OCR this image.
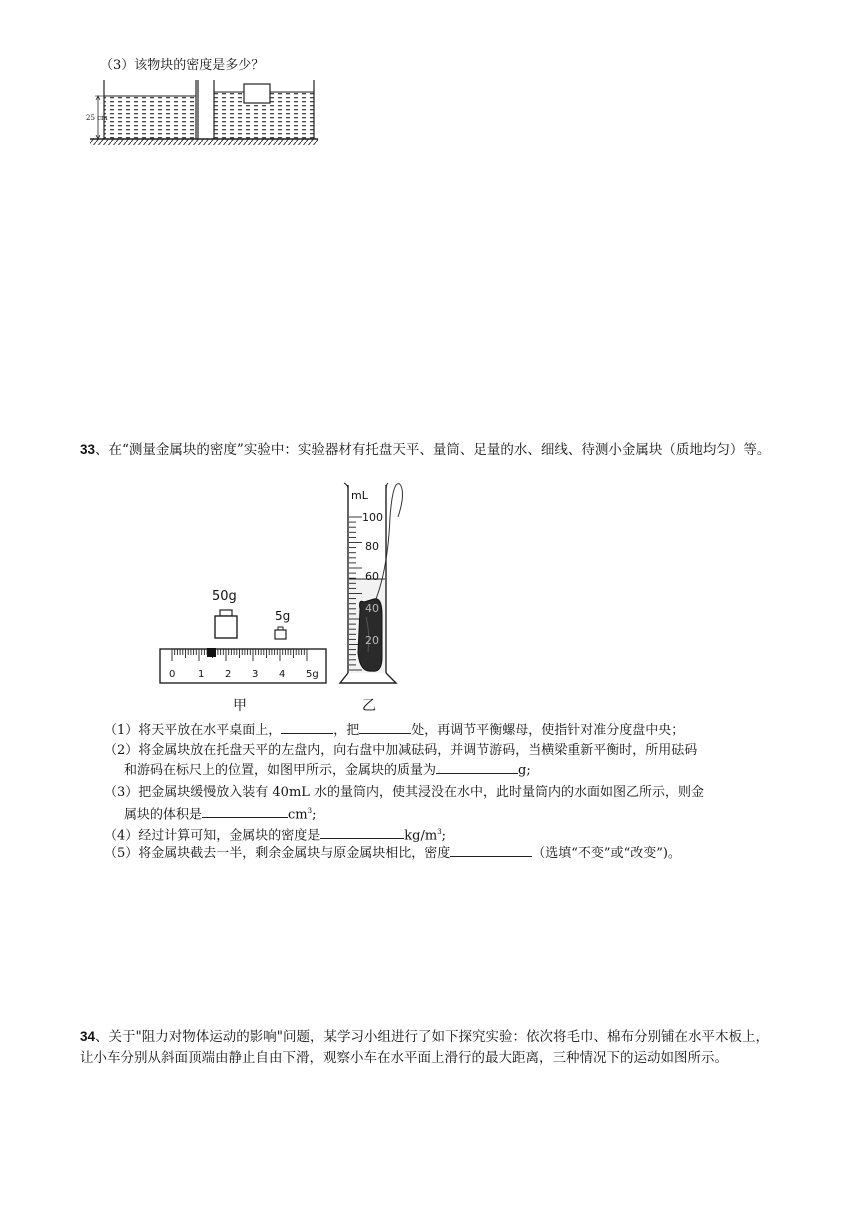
（3）该物块的密度是多少？
25 cm
33、在“测量金属块的密度”实验中：实验器材有托盘天平、量筒、足量的水、细线、待测小金属块（质地均匀）等。
50g
5g
0 1 2 3 4 5g
甲
mL
100
80
60
40
20
乙
（1）将天平放在水平桌面上，	，把	处，再调节平衡螺母，使指针对准分度盘中央；
（2）将金属块放在托盘天平的左盘内，向右盘中加减砝码，并调节游码，当横梁重新平衡时，所用砝码
和游码在标尺上的位置，如图甲所示，金属块的质量为	g;
（3）把金属块缓慢放入装有 40mL 水的量筒内，使其浸没在水中，此时量筒内的水面如图乙所示，则金
属块的体积是	$cm^3$;
（4）经过计算可知，金属块的密度是	$kg/m^3$;
（5）将金属块截去一半，剩余金属块与原金属块相比，密度	（选填“不变”或“改变”)。
34、关于"阻力对物体运动的影响"问题，某学习小组进行了如下探究实验：依次将毛巾、棉布分别铺在水平木板上，让小车分别从斜面顶端由静止自由下滑，观察小车在水平面上滑行的最大距离，三种情况下的运动如图所示。
